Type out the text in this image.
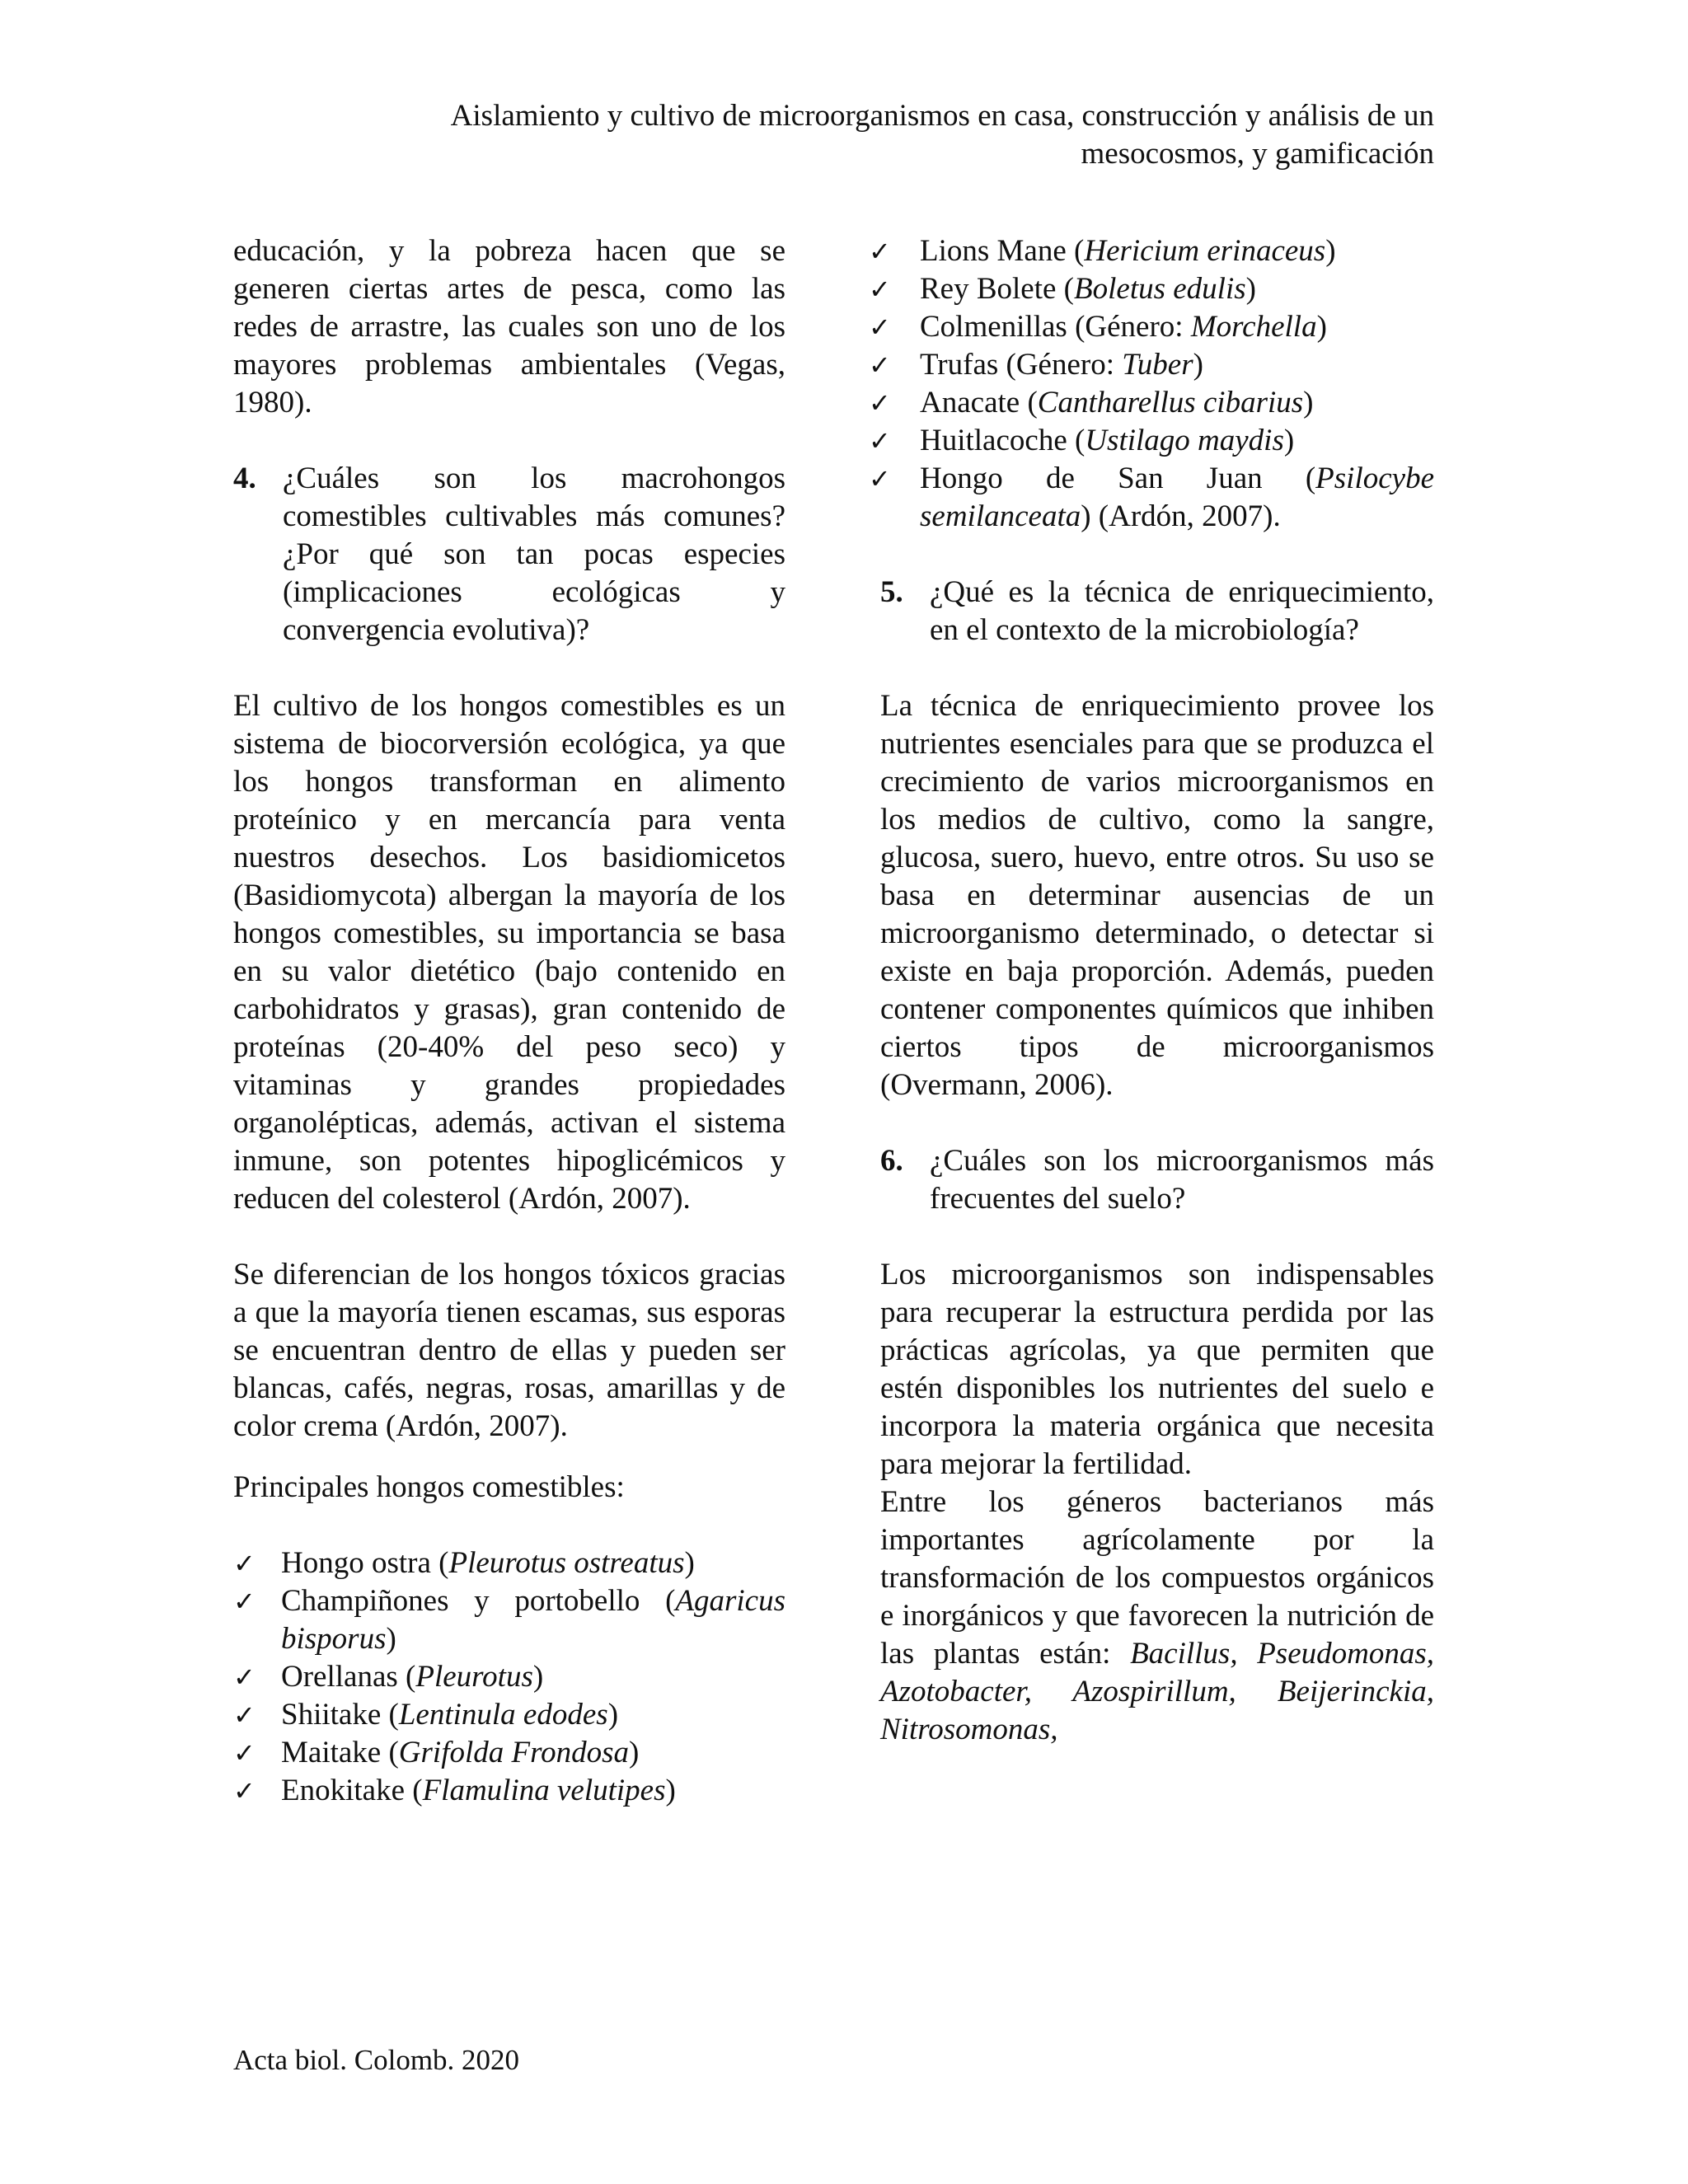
Aislamiento y cultivo de microorganismos en casa, construcción y análisis de un
mesocosmos, y gamificación

educación, y la pobreza hacen que se generen ciertas artes de pesca, como las redes de arrastre, las cuales son uno de los mayores problemas ambientales (Vegas, 1980).

4. ¿Cuáles son los macrohongos comestibles cultivables más comunes? ¿Por qué son tan pocas especies (implicaciones ecológicas y convergencia evolutiva)?

El cultivo de los hongos comestibles es un sistema de biocorversión ecológica, ya que los hongos transforman en alimento proteínico y en mercancía para venta nuestros desechos. Los basidiomicetos (Basidiomycota) albergan la mayoría de los hongos comestibles, su importancia se basa en su valor dietético (bajo contenido en carbohidratos y grasas), gran contenido de proteínas (20-40% del peso seco) y vitaminas y grandes propiedades organolépticas, además, activan el sistema inmune, son potentes hipoglicémicos y reducen del colesterol (Ardón, 2007).

Se diferencian de los hongos tóxicos gracias a que la mayoría tienen escamas, sus esporas se encuentran dentro de ellas y pueden ser blancas, cafés, negras, rosas, amarillas y de color crema (Ardón, 2007).

Principales hongos comestibles:

✓ Hongo ostra (Pleurotus ostreatus)
✓ Champiñones y portobello (Agaricus bisporus)
✓ Orellanas (Pleurotus)
✓ Shiitake (Lentinula edodes)
✓ Maitake (Grifolda Frondosa)
✓ Enokitake (Flamulina velutipes)
✓ Lions Mane (Hericium erinaceus)
✓ Rey Bolete (Boletus edulis)
✓ Colmenillas (Género: Morchella)
✓ Trufas (Género: Tuber)
✓ Anacate (Cantharellus cibarius)
✓ Huitlacoche (Ustilago maydis)
✓ Hongo de San Juan (Psilocybe semilanceata) (Ardón, 2007).
5. ¿Qué es la técnica de enriquecimiento, en el contexto de la microbiología?

La técnica de enriquecimiento provee los nutrientes esenciales para que se produzca el crecimiento de varios microorganismos en los medios de cultivo, como la sangre, glucosa, suero, huevo, entre otros. Su uso se basa en determinar ausencias de un microorganismo determinado, o detectar si existe en baja proporción. Además, pueden contener componentes químicos que inhiben ciertos tipos de microorganismos (Overmann, 2006).

6. ¿Cuáles son los microorganismos más frecuentes del suelo?

Los microorganismos son indispensables para recuperar la estructura perdida por las prácticas agrícolas, ya que permiten que estén disponibles los nutrientes del suelo e incorpora la materia orgánica que necesita para mejorar la fertilidad.

Entre los géneros bacterianos más importantes agrícolamente por la transformación de los compuestos orgánicos e inorgánicos y que favorecen la nutrición de las plantas están: Bacillus, Pseudomonas, Azotobacter, Azospirillum, Beijerinckia, Nitrosomonas,

Acta biol. Colomb. 2020
